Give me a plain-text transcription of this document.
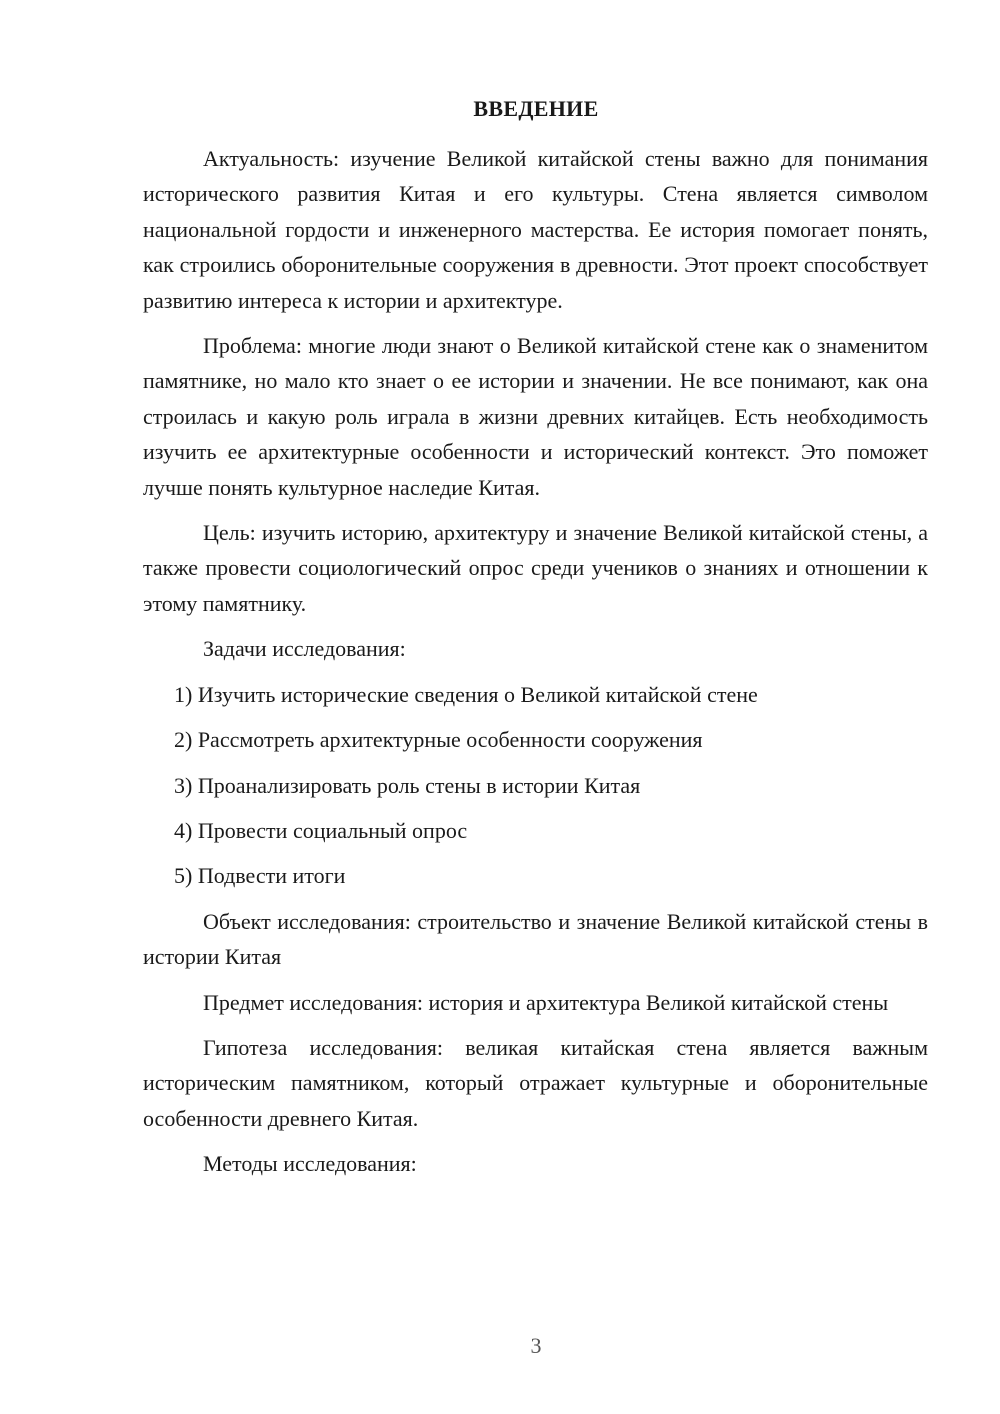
ВВЕДЕНИЕ

Актуальность: изучение Великой китайской стены важно для понимания исторического развития Китая и его культуры. Стена является символом национальной гордости и инженерного мастерства. Ее история помогает понять, как строились оборонительные сооружения в древности. Этот проект способствует развитию интереса к истории и архитектуре.

Проблема: многие люди знают о Великой китайской стене как о знаменитом памятнике, но мало кто знает о ее истории и значении. Не все понимают, как она строилась и какую роль играла в жизни древних китайцев. Есть необходимость изучить ее архитектурные особенности и исторический контекст. Это поможет лучше понять культурное наследие Китая.

Цель: изучить историю, архитектуру и значение Великой китайской стены, а также провести социологический опрос среди учеников о знаниях и отношении к этому памятнику.

Задачи исследования:

1) Изучить исторические сведения о Великой китайской стене

2) Рассмотреть архитектурные особенности сооружения

3) Проанализировать роль стены в истории Китая

4) Провести социальный опрос

5) Подвести итоги

Объект исследования: строительство и значение Великой китайской стены в истории Китая

Предмет исследования: история и архитектура Великой китайской стены

Гипотеза исследования: великая китайская стена является важным историческим памятником, который отражает культурные и оборонительные особенности древнего Китая.

Методы исследования:

3
